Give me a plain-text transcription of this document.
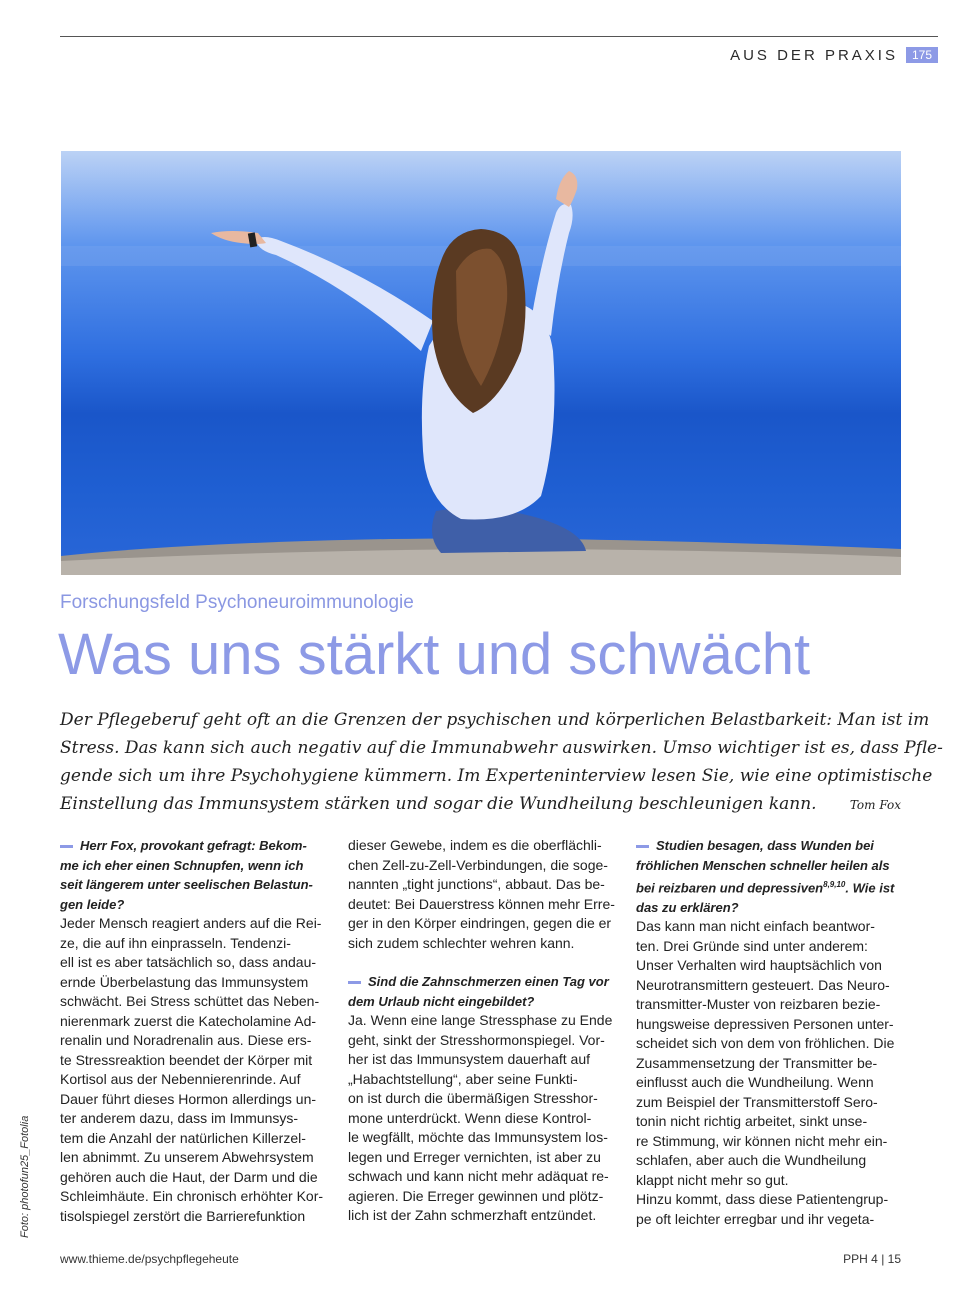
AUS DER PRAXIS	175
Forschungsfeld Psychoneuroimmunologie
Was uns stärkt und schwächt
Der Pflegeberuf geht oft an die Grenzen der psychischen und körperlichen Belastbarkeit: Man ist im
Stress. Das kann sich auch negativ auf die Immunabwehr auswirken. Umso wichtiger ist es, dass Pfle-
gende sich um ihre Psychohygiene kümmern. Im Experteninterview lesen Sie, wie eine optimistische
Einstellung das Immunsystem stärken und sogar die Wundheilung beschleunigen kann.	Tom Fox
Herr Fox, provokant gefragt: Bekom-
me ich eher einen Schnupfen, wenn ich
seit längerem unter seelischen Belastun-
gen leide?
Jeder Mensch reagiert anders auf die Rei-
ze, die auf ihn einprasseln. Tendenzi-
ell ist es aber tatsächlich so, dass andau-
ernde Überbelastung das Immunsystem
schwächt. Bei Stress schüttet das Neben-
nierenmark zuerst die Katecholamine Ad-
renalin und Noradrenalin aus. Diese ers-
te Stressreaktion beendet der Körper mit
Kortisol aus der Nebennierenrinde. Auf
Dauer führt dieses Hormon allerdings un-
ter anderem dazu, dass im Immunsys-
tem die Anzahl der natürlichen Killerzel-
len abnimmt. Zu unserem Abwehrsystem
gehören auch die Haut, der Darm und die
Schleimhäute. Ein chronisch erhöhter Kor-
tisolspiegel zerstört die Barrierefunktion
dieser Gewebe, indem es die oberflächli-
chen Zell-zu-Zell-Verbindungen, die soge-
nannten „tight junctions“, abbaut. Das be-
deutet: Bei Dauerstress können mehr Erre-
ger in den Körper eindringen, gegen die er
sich zudem schlechter wehren kann.
Sind die Zahnschmerzen einen Tag vor
dem Urlaub nicht eingebildet?
Ja. Wenn eine lange Stressphase zu Ende
geht, sinkt der Stresshormonspiegel. Vor-
her ist das Immunsystem dauerhaft auf
„Habachtstellung“, aber seine Funkti-
on ist durch die übermäßigen Stresshor-
mone unterdrückt. Wenn diese Kontrol-
le wegfällt, möchte das Immunsystem los-
legen und Erreger vernichten, ist aber zu
schwach und kann nicht mehr adäquat re-
agieren. Die Erreger gewinnen und plötz-
lich ist der Zahn schmerzhaft entzündet.
Studien besagen, dass Wunden bei
fröhlichen Menschen schneller heilen als
bei reizbaren und depressiven$^{8,9,10}$. Wie ist
das zu erklären?
Das kann man nicht einfach beantwor-
ten. Drei Gründe sind unter anderem:
Unser Verhalten wird hauptsächlich von
Neurotransmittern gesteuert. Das Neuro-
transmitter-Muster von reizbaren bezie-
hungsweise depressiven Personen unter-
scheidet sich von dem von fröhlichen. Die
Zusammensetzung der Transmitter be-
einflusst auch die Wundheilung. Wenn
zum Beispiel der Transmitterstoff Sero-
tonin nicht richtig arbeitet, sinkt unse-
re Stimmung, wir können nicht mehr ein-
schlafen, aber auch die Wundheilung
klappt nicht mehr so gut.
Hinzu kommt, dass diese Patientengrup-
pe oft leichter erregbar und ihr vegeta-
Foto: photofun25_Fotolia
www.thieme.de/psychpflegeheute	PPH 4 | 15
